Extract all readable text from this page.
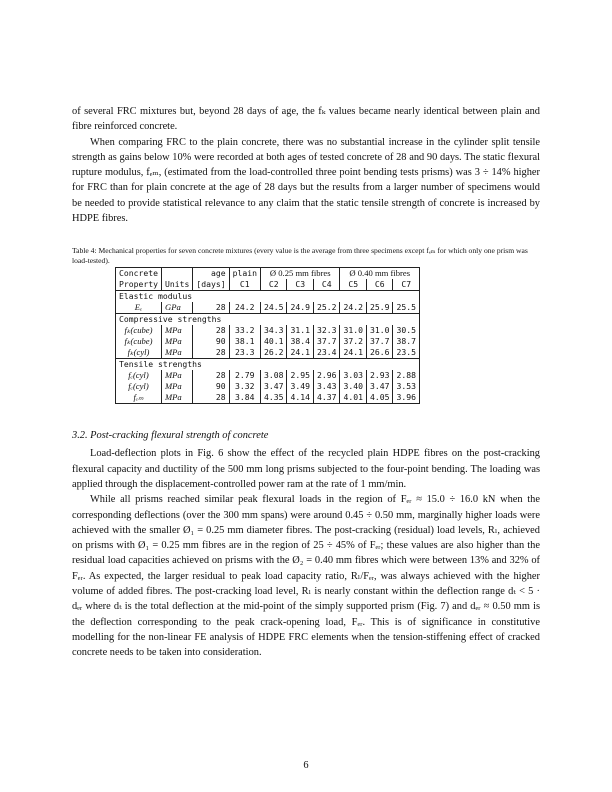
of several FRC mixtures but, beyond 28 days of age, the fₖ values became nearly identical between plain and fibre reinforced concrete.

When comparing FRC to the plain concrete, there was no substantial increase in the cylinder split tensile strength as gains below 10% were recorded at both ages of tested concrete of 28 and 90 days. The static flexural rupture modulus, fₑₘ, (estimated from the load-controlled three point bending tests prisms) was 3 ÷ 14% higher for FRC than for plain concrete at the age of 28 days but the results from a larger number of specimens would be needed to provide statistical relevance to any claim that the static tensile strength of concrete is increased by HDPE fibres.

Table 4: Mechanical properties for seven concrete mixtures (every value is the average from three specimens except fₑₘ for which only one prism was load-tested).

Concrete		age	plain	Ø 0.25 mm fibres			Ø 0.40 mm fibres		
Property	Units	[days]	C1	C2	C3	C4	C5	C6	C7
Elastic modulus									
Eₑ	GPa	28	24.2	24.5	24.9	25.2	24.2	25.9	25.5
Compressive strengths									
fₖ(cube)	MPa	28	33.2	34.3	31.1	32.3	31.0	31.0	30.5
fₖ(cube)	MPa	90	38.1	40.1	38.4	37.7	37.2	37.7	38.7
fₖ(cyl)	MPa	28	23.3	26.2	24.1	23.4	24.1	26.6	23.5
Tensile strengths									
fₑ(cyl)	MPa	28	2.79	3.08	2.95	2.96	3.03	2.93	2.88
fₑ(cyl)	MPa	90	3.32	3.47	3.49	3.43	3.40	3.47	3.53
fₑₘ	MPa	28	3.84	4.35	4.14	4.37	4.01	4.05	3.96
3.2. Post-cracking flexural strength of concrete

Load-deflection plots in Fig. 6 show the effect of the recycled plain HDPE fibres on the post-cracking flexural capacity and ductility of the 500 mm long prisms subjected to the four-point bending. The loading was applied through the displacement-controlled power ram at the rate of 1 mm/min.

While all prisms reached similar peak flexural loads in the region of Fₑᵣ ≈ 15.0 ÷ 16.0 kN when the corresponding deflections (over the 300 mm spans) were around 0.45 ÷ 0.50 mm, marginally higher loads were achieved with the smaller Ø₁ = 0.25 mm diameter fibres. The post-cracking (residual) load levels, Rₗ, achieved on prisms with Ø₁ = 0.25 mm fibres are in the region of 25 ÷ 45% of Fₑᵣ; these values are also higher than the residual load capacities achieved on prisms with the Ø₂ = 0.40 mm fibres which were between 13% and 32% of Fₑᵣ. As expected, the larger residual to peak load capacity ratio, Rₗ/Fₑᵣ, was always achieved with the higher volume of added fibres. The post-cracking load level, Rₗ is nearly constant within the deflection range dₜ < 5 · dₑᵣ where dₜ is the total deflection at the mid-point of the simply supported prism (Fig. 7) and dₑᵣ ≈ 0.50 mm is the deflection corresponding to the peak crack-opening load, Fₑᵣ. This is of significance in constitutive modelling for the non-linear FE analysis of HDPE FRC elements when the tension-stiffening effect of cracked concrete needs to be taken into consideration.

6
